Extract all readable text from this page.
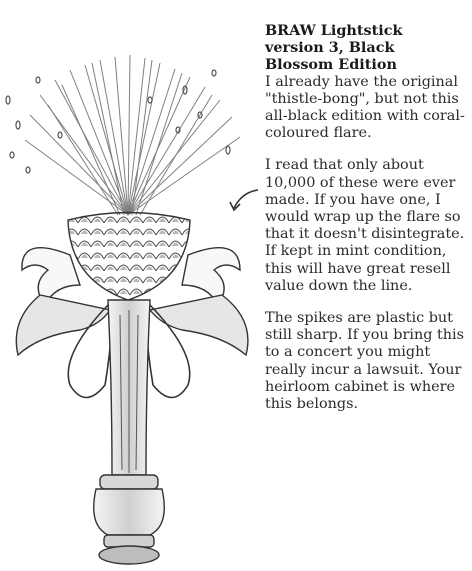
BRAW Lightstick version 3, Black Blossom Edition

I already have the original "thistle-bong", but not this all-black edition with coral-coloured flare.

I read that only about 10,000 of these were ever made. If you have one, I would wrap up the flare so that it doesn't disintegrate. If kept in mint condition, this will have great resell value down the line.

The spikes are plastic but still sharp. If you bring this to a concert you might really incur a lawsuit. Your heirloom cabinet is where this belongs.
